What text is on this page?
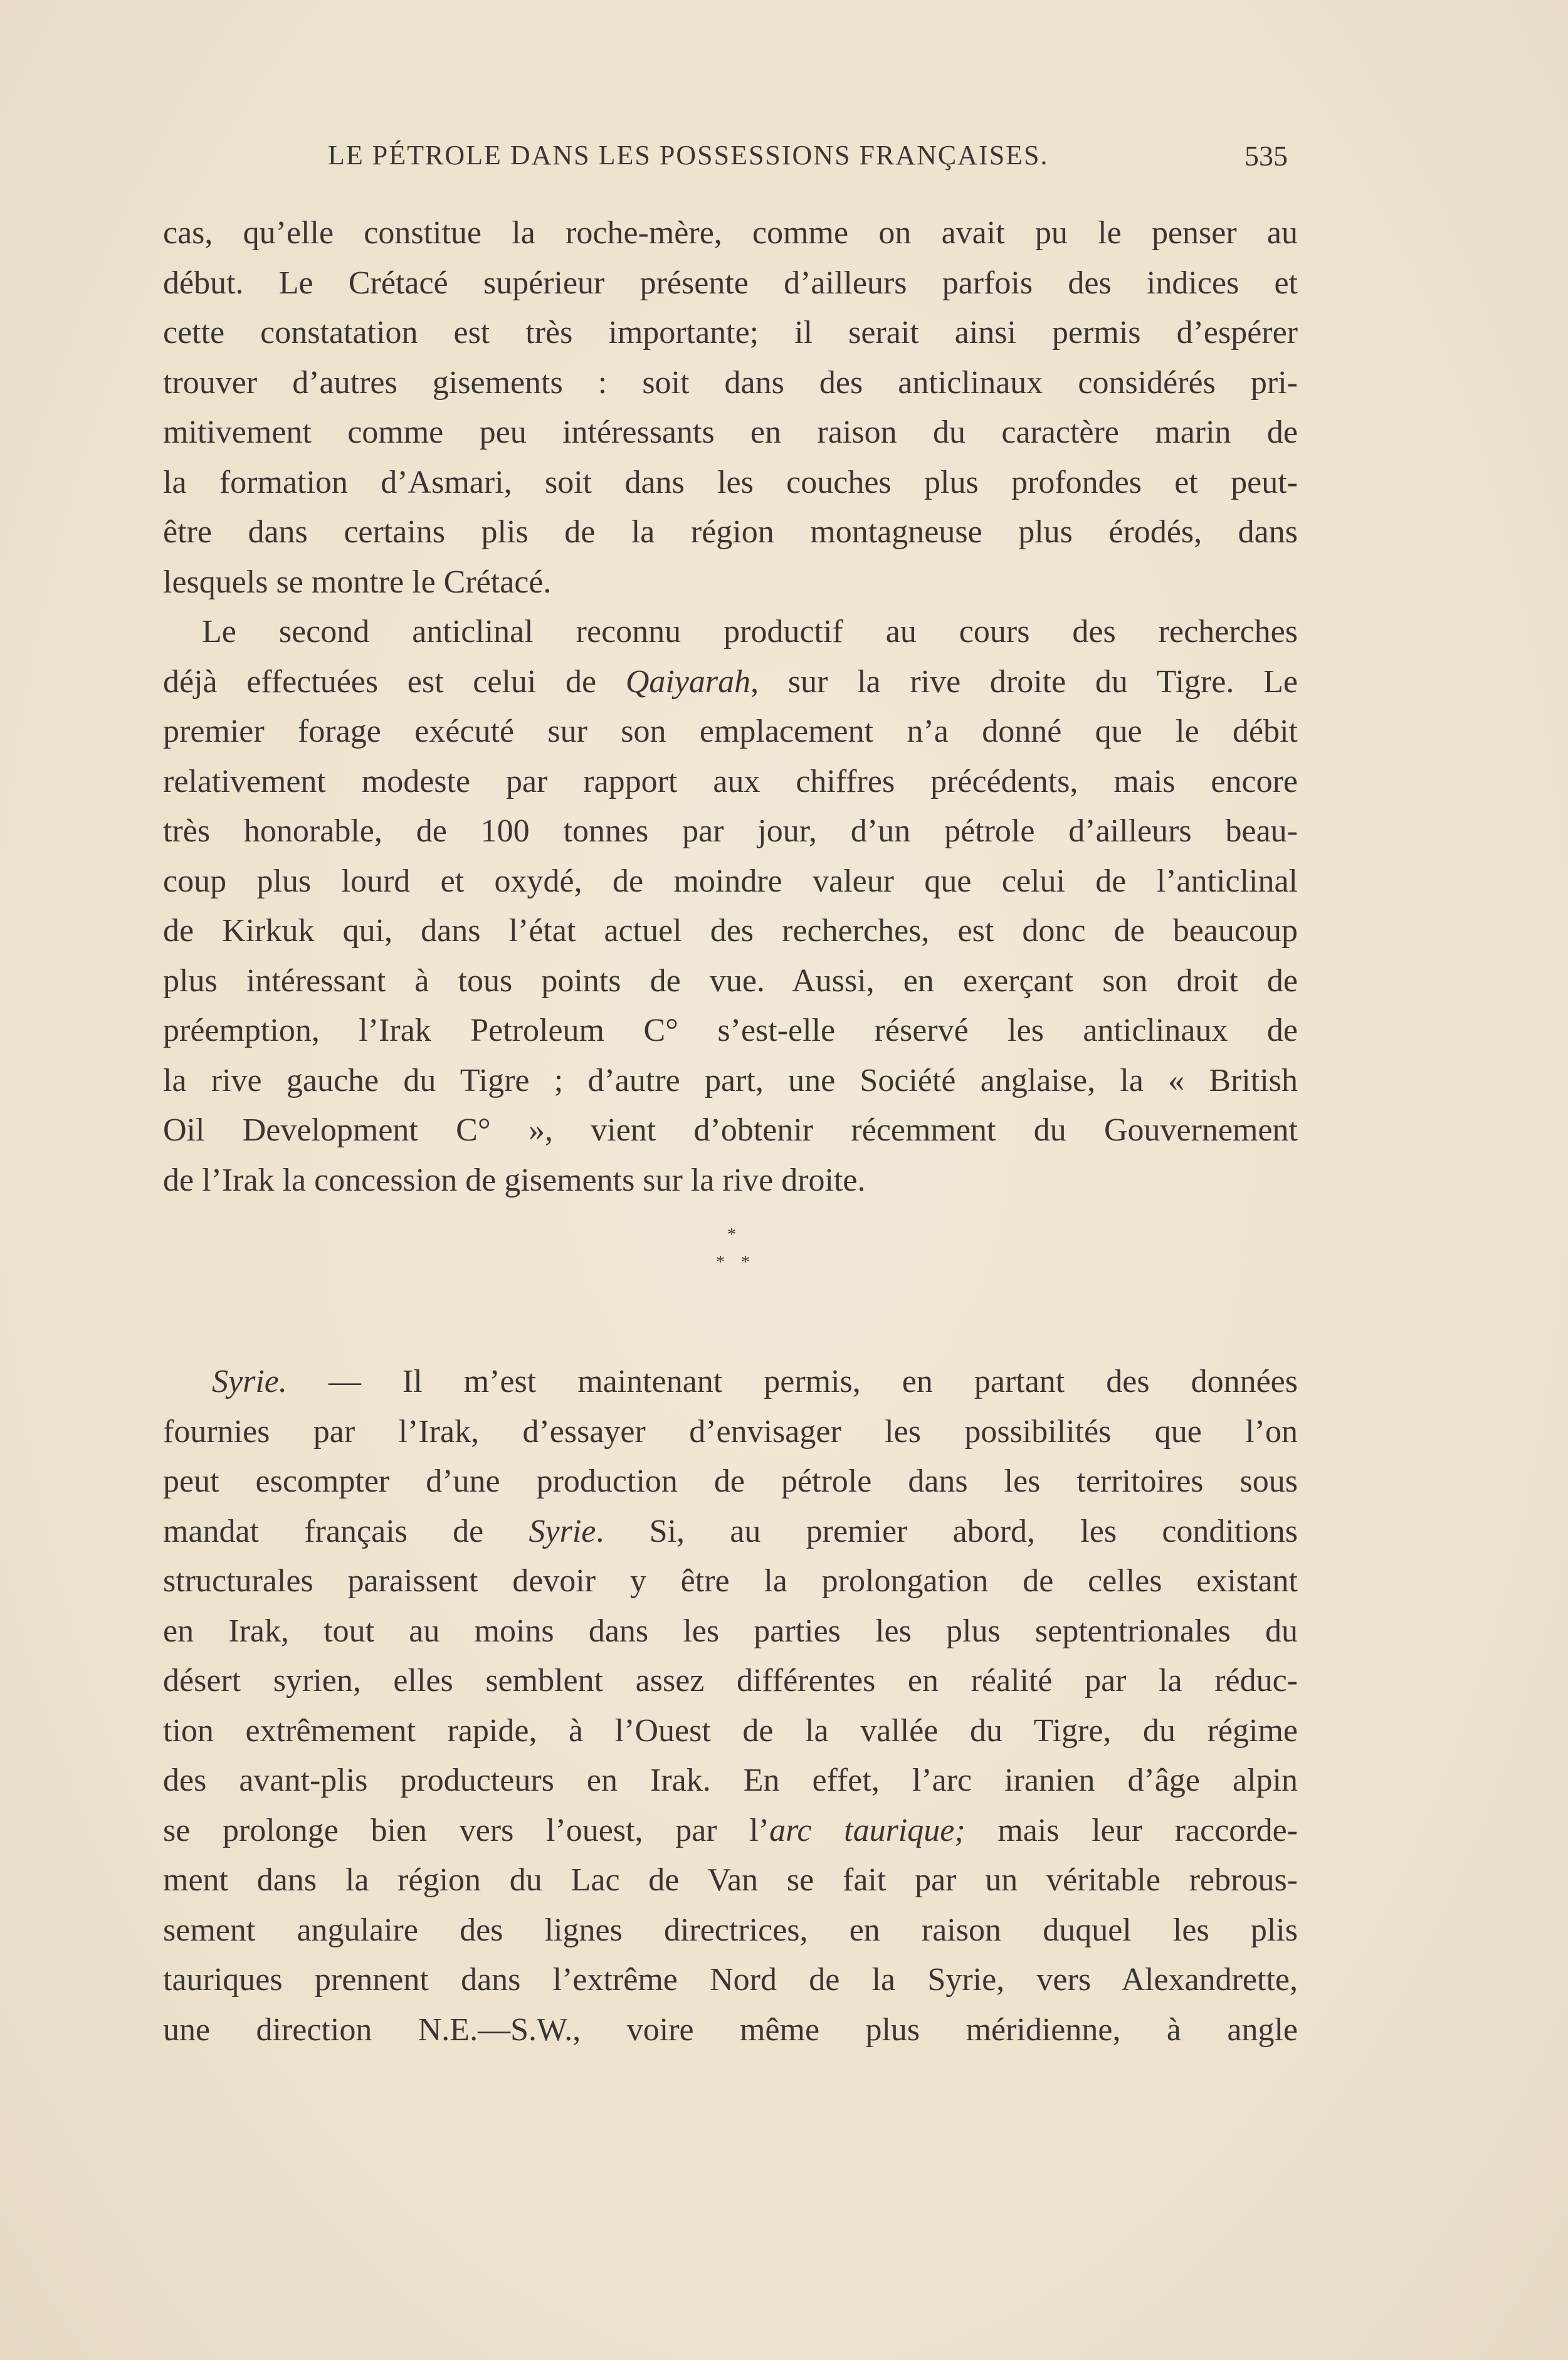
LE PÉTROLE DANS LES POSSESSIONS FRANÇAISES.	535
cas, qu’elle constitue la roche-mère, comme on avait pu le penser au
début. Le Crétacé supérieur présente d’ailleurs parfois des indices et
cette constatation est très importante; il serait ainsi permis d’espérer
trouver d’autres gisements : soit dans des anticlinaux considérés pri-
mitivement comme peu intéressants en raison du caractère marin de
la formation d’Asmari, soit dans les couches plus profondes et peut-
être dans certains plis de la région montagneuse plus érodés, dans
lesquels se montre le Crétacé.
Le second anticlinal reconnu productif au cours des recherches
déjà effectuées est celui de Qaiyarah, sur la rive droite du Tigre. Le
premier forage exécuté sur son emplacement n’a donné que le débit
relativement modeste par rapport aux chiffres précédents, mais encore
très honorable, de 100 tonnes par jour, d’un pétrole d’ailleurs beau-
coup plus lourd et oxydé, de moindre valeur que celui de l’anticlinal
de Kirkuk qui, dans l’état actuel des recherches, est donc de beaucoup
plus intéressant à tous points de vue. Aussi, en exerçant son droit de
préemption, l’Irak Petroleum C° s’est-elle réservé les anticlinaux de
la rive gauche du Tigre ; d’autre part, une Société anglaise, la « British
Oil Development C° », vient d’obtenir récemment du Gouvernement
de l’Irak la concession de gisements sur la rive droite.
*
* *
Syrie. — Il m’est maintenant permis, en partant des données
fournies par l’Irak, d’essayer d’envisager les possibilités que l’on
peut escompter d’une production de pétrole dans les territoires sous
mandat français de Syrie. Si, au premier abord, les conditions
structurales paraissent devoir y être la prolongation de celles existant
en Irak, tout au moins dans les parties les plus septentrionales du
désert syrien, elles semblent assez différentes en réalité par la réduc-
tion extrêmement rapide, à l’Ouest de la vallée du Tigre, du régime
des avant-plis producteurs en Irak. En effet, l’arc iranien d’âge alpin
se prolonge bien vers l’ouest, par l’arc taurique; mais leur raccorde-
ment dans la région du Lac de Van se fait par un véritable rebrous-
sement angulaire des lignes directrices, en raison duquel les plis
tauriques prennent dans l’extrême Nord de la Syrie, vers Alexandrette,
une direction N.E.—S.W., voire même plus méridienne, à angle
